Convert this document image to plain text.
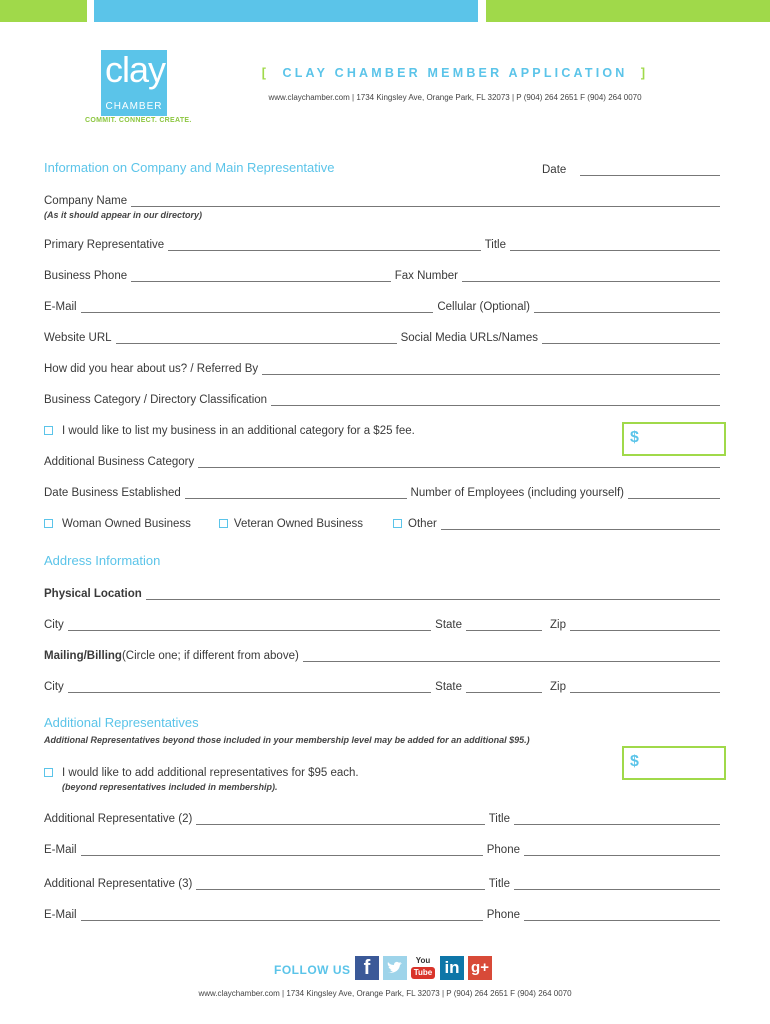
clay
CHAMBER
COMMIT. CONNECT. CREATE.
[ CLAY CHAMBER MEMBER APPLICATION ]
www.claychamber.com | 1734 Kingsley Ave, Orange Park, FL 32073 | P (904) 264 2651 F (904) 264 0070
Information on Company and Main Representative	Date
Company Name
(As it should appear in our directory)
Primary Representative	Title
Business Phone	Fax Number
E-Mail	Cellular (Optional)
Website URL	Social Media URLs/Names
How did you hear about us? / Referred By
Business Category / Directory Classification
I would like to list my business in an additional category for a $25 fee.	$
Additional Business Category
Date Business Established	Number of Employees (including yourself)
Woman Owned Business	Veteran Owned Business	Other
Address Information
Physical Location
City	State	Zip
Mailing/Billing (Circle one; if different from above)
City	State	Zip
Additional Representatives
Additional Representatives beyond those included in your membership level may be added for an additional $95.)
I would like to add additional representatives for $95 each.
(beyond representatives included in membership).
$
Additional Representative (2)	Title
E-Mail	Phone
Additional Representative (3)	Title
E-Mail	Phone
FOLLOW US f	You
Tube in g+
www.claychamber.com | 1734 Kingsley Ave, Orange Park, FL 32073 | P (904) 264 2651 F (904) 264 0070
